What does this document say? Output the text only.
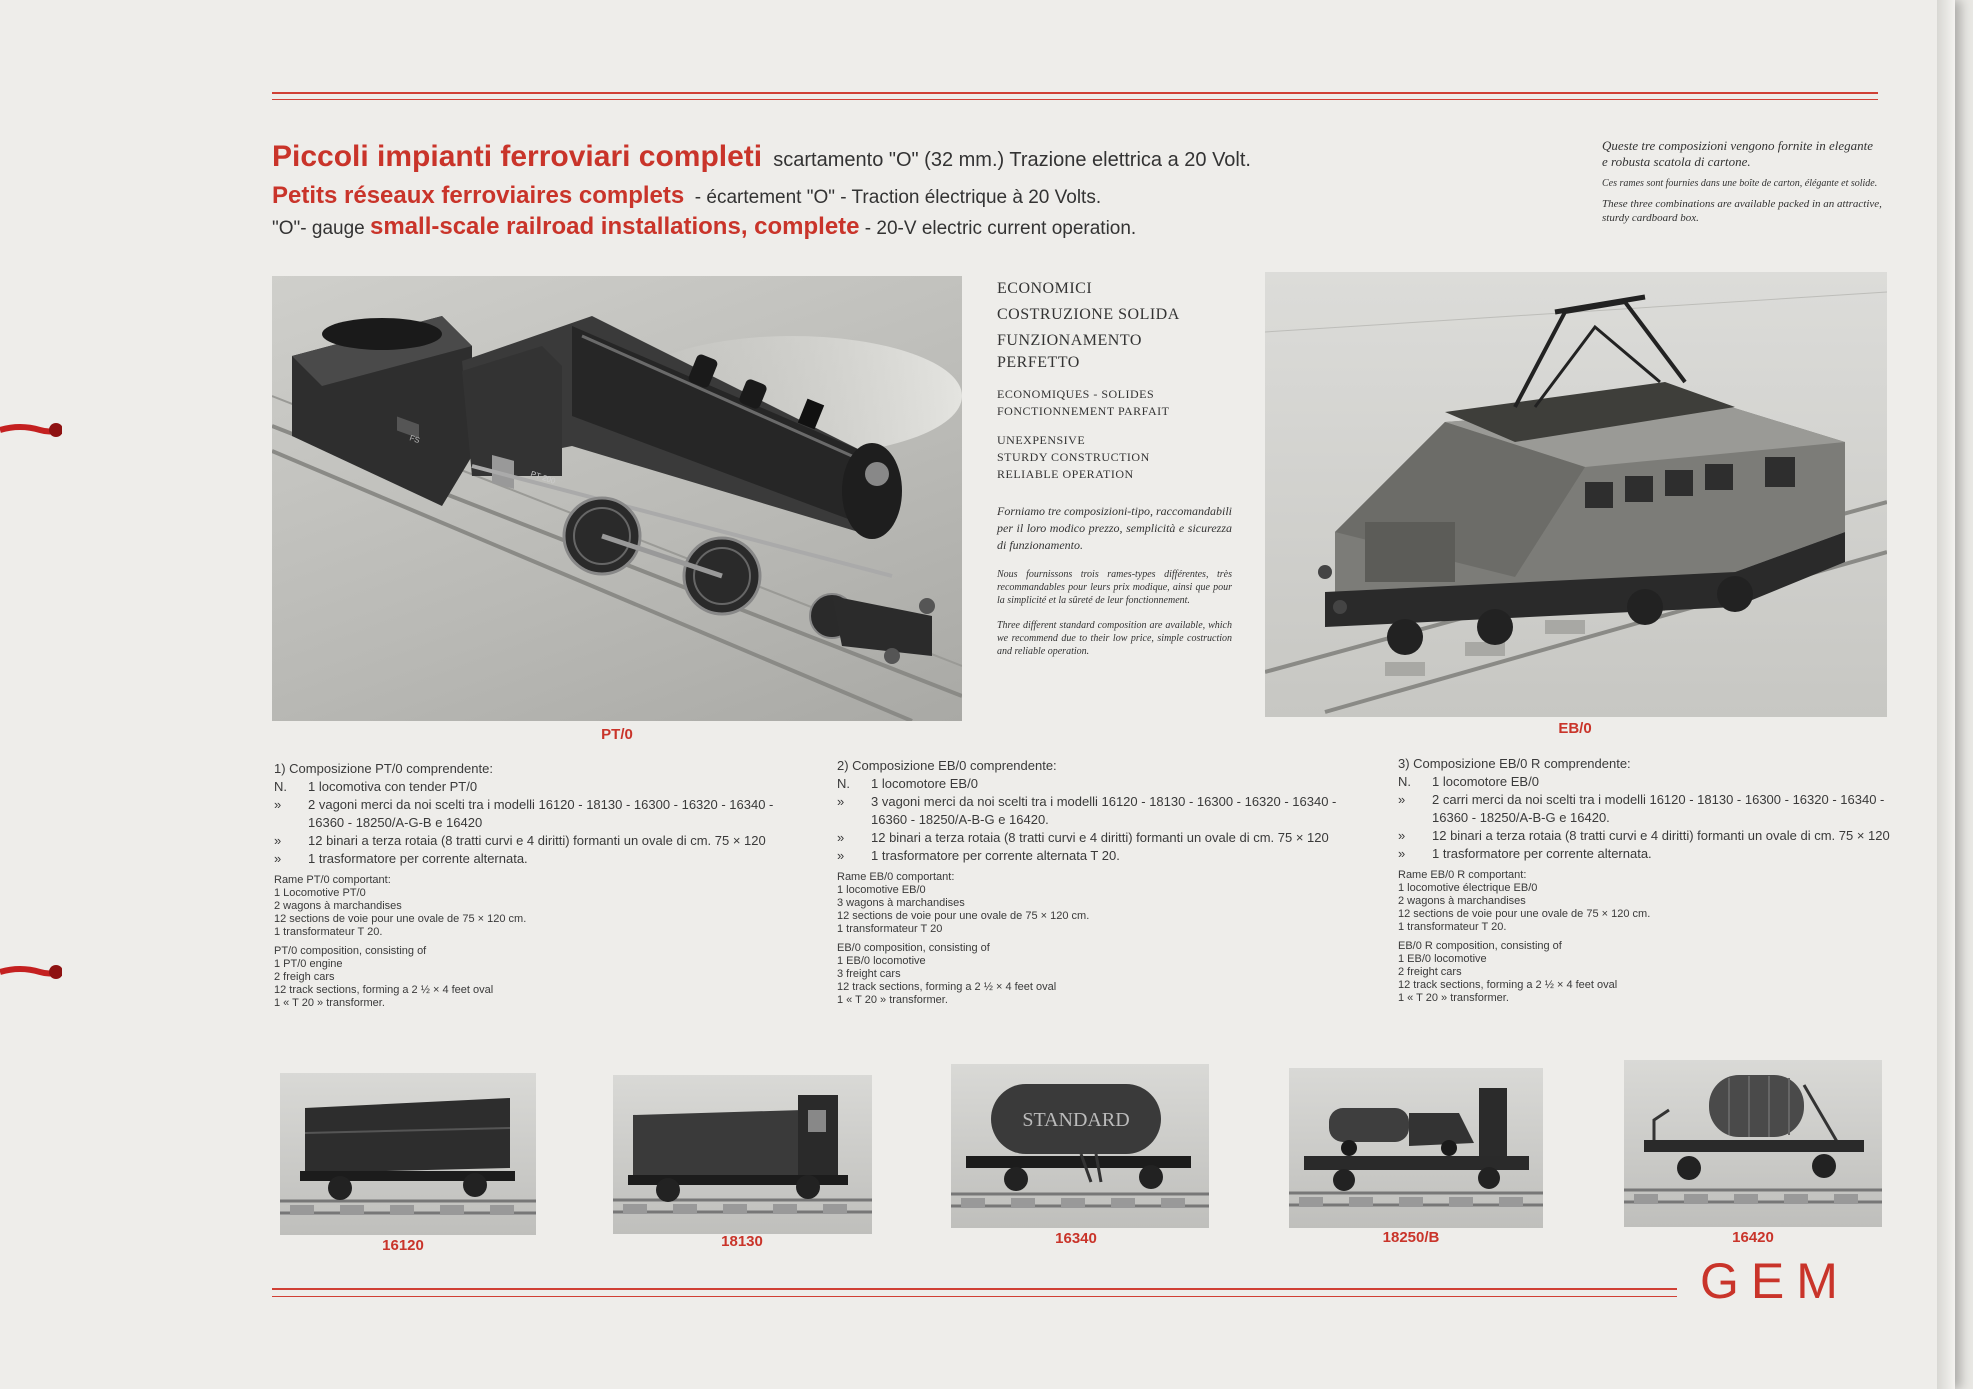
Piccoli impianti ferroviari completi scartamento "O" (32 mm.) Trazione elettrica a 20 Volt.
Petits réseaux ferroviaires complets - écartement "O" - Traction électrique à 20 Volts.
"O"- gauge small-scale railroad installations, complete - 20-V electric current operation.
Queste tre composizioni vengono fornite in elegante e robusta scatola di cartone.
Ces rames sont fournies dans une boîte de carton, élégante et solide.
These three combinations are available packed in an attractive, sturdy cardboard box.
FS
PT 200
PT/0
ECONOMICI
COSTRUZIONE SOLIDA
FUNZIONAMENTO
PERFETTO
ECONOMIQUES - SOLIDES
FONCTIONNEMENT PARFAIT
UNEXPENSIVE
STURDY CONSTRUCTION
RELIABLE OPERATION
Forniamo tre composizioni-tipo, raccomandabili per il loro modico prezzo, semplicità e sicurezza di funzionamento.
Nous fournissons trois rames-types différentes, très recommandables pour leurs prix modique, ainsi que pour la simplicité et la sûreté de leur fonctionnement.
Three different standard composition are available, which we recommend due to their low price, simple costruction and reliable operation.
EB/0
1) Composizione PT/0 comprendente:
N.	1 locomotiva con tender PT/0
»	2 vagoni merci da noi scelti tra i modelli 16120 - 18130 - 16300 - 16320 - 16340 - 16360 - 18250/A-G-B e 16420
»	12 binari a terza rotaia (8 tratti curvi e 4 diritti) formanti un ovale di cm. 75 × 120
»	1 trasformatore per corrente alternata.
Rame PT/0 comportant:
1 Locomotive PT/0
2 wagons à marchandises
12 sections de voie pour une ovale de 75 × 120 cm.
1 transformateur T 20.
PT/0 composition, consisting of
1 PT/0 engine
2 freigh cars
12 track sections, forming a 2 ½ × 4 feet oval
1 « T 20 » transformer.
2) Composizione EB/0 comprendente:
N.	1 locomotore EB/0
»	3 vagoni merci da noi scelti tra i modelli 16120 - 18130 - 16300 - 16320 - 16340 - 16360 - 18250/A-B-G e 16420.
»	12 binari a terza rotaia (8 tratti curvi e 4 diritti) formanti un ovale di cm. 75 × 120
»	1 trasformatore per corrente alternata T 20.
Rame EB/0 comportant:
1 locomotive EB/0
3 wagons à marchandises
12 sections de voie pour une ovale de 75 × 120 cm.
1 transformateur T 20
EB/0 composition, consisting of
1 EB/0 locomotive
3 freight cars
12 track sections, forming a 2 ½ × 4 feet oval
1 « T 20 » transformer.
3) Composizione EB/0 R comprendente:
N.	1 locomotore EB/0
»	2 carri merci da noi scelti tra i modelli 16120 - 18130 - 16300 - 16320 - 16340 - 16360 - 18250/A-B-G e 16420.
»	12 binari a terza rotaia (8 tratti curvi e 4 diritti) formanti un ovale di cm. 75 × 120
»	1 trasformatore per corrente alternata.
Rame EB/0 R comportant:
1 locomotive électrique EB/0
2 wagons à marchandises
12 sections de voie pour une ovale de 75 × 120 cm.
1 transformateur T 20.
EB/0 R composition, consisting of
1 EB/0 locomotive
2 freight cars
12 track sections, forming a 2 ½ × 4 feet oval
1 « T 20 » transformer.
16120	18130
STANDARD
16340	18250/B	16420
GEM
